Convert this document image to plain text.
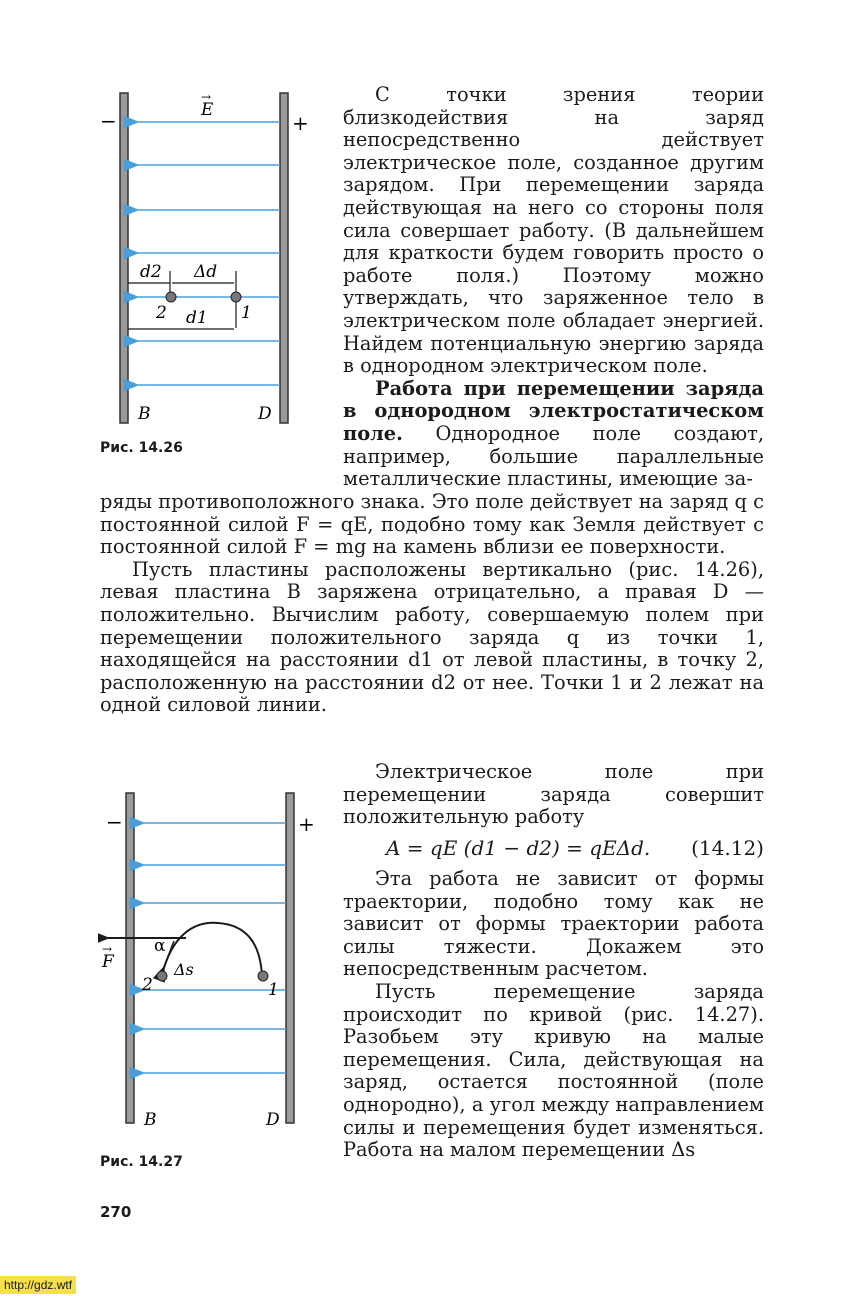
−	+
E
→
d2 Δd
2 d1 1
B	D
Рис. 14.26
−	+
F
→ α
Δs
2	1
B	D
Рис. 14.27

С точки зрения теории близкодействия на заряд непосредственно действует электрическое поле, созданное другим зарядом. При перемещении заряда действующая на него со стороны поля сила совершает работу. (В дальнейшем для краткости будем говорить просто о работе поля.) Поэтому можно утверждать, что заряженное тело в электрическом поле обладает энергией. Найдем потенциальную энергию заряда в однородном электрическом поле.

Работа при перемещении заряда в однородном электростатическом поле. Однородное поле создают, например, большие параллельные металлические пластины, имеющие за-

ряды противоположного знака. Это поле действует на заряд q с постоянной силой F = qE, подобно тому как Земля действует с постоянной силой F = mg на камень вблизи ее поверхности.

Пусть пластины расположены вертикально (рис. 14.26), левая пластина B заряжена отрицательно, а правая D — положительно. Вычислим работу, совершаемую полем при перемещении положительного заряда q из точки 1, находящейся на расстоянии d1 от левой пластины, в точку 2, расположенную на расстоянии d2 от нее. Точки 1 и 2 лежат на одной силовой линии.

Электрическое поле при перемещении заряда совершит положительную работу

A = qE (d1 − d2) = qEΔd. (14.12)

Эта работа не зависит от формы траектории, подобно тому как не зависит от формы траектории работа силы тяжести. Докажем это непосредственным расчетом.

Пусть перемещение заряда происходит по кривой (рис. 14.27). Разобьем эту кривую на малые перемещения. Сила, действующая на заряд, остается постоянной (поле однородно), а угол между направлением силы и перемещения будет изменяться. Работа на малом перемещении Δs

270
http://gdz.wtf
